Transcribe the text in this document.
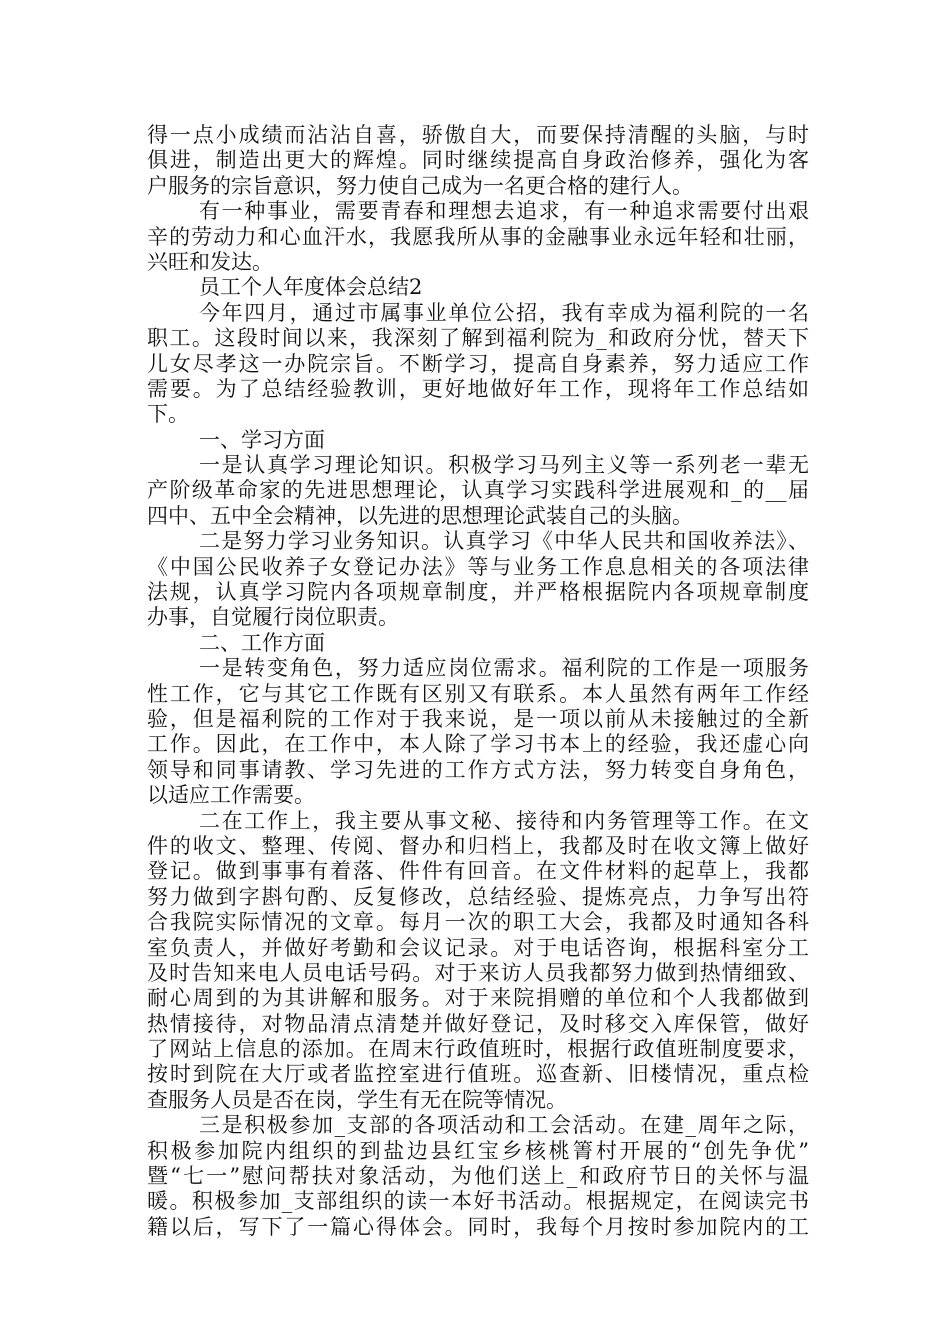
得一点小成绩而沾沾自喜，骄傲自大，而要保持清醒的头脑，与时
俱进，制造出更大的辉煌。同时继续提高自身政治修养，强化为客
户服务的宗旨意识，努力使自己成为一名更合格的建行人。
有一种事业，需要青春和理想去追求，有一种追求需要付出艰
辛的劳动力和心血汗水，我愿我所从事的金融事业永远年轻和壮丽，
兴旺和发达。
员工个人年度体会总结2
今年四月，通过市属事业单位公招，我有幸成为福利院的一名
职工。这段时间以来，我深刻了解到福利院为_和政府分忧，替天下
儿女尽孝这一办院宗旨。不断学习，提高自身素养，努力适应工作
需要。为了总结经验教训，更好地做好年工作，现将年工作总结如
下。
一、学习方面
一是认真学习理论知识。积极学习马列主义等一系列老一辈无
产阶级革命家的先进思想理论，认真学习实践科学进展观和_的__届
四中、五中全会精神，以先进的思想理论武装自己的头脑。
二是努力学习业务知识。认真学习《中华人民共和国收养法》、
《中国公民收养子女登记办法》等与业务工作息息相关的各项法律
法规，认真学习院内各项规章制度，并严格根据院内各项规章制度
办事，自觉履行岗位职责。
二、工作方面
一是转变角色，努力适应岗位需求。福利院的工作是一项服务
性工作，它与其它工作既有区别又有联系。本人虽然有两年工作经
验，但是福利院的工作对于我来说，是一项以前从未接触过的全新
工作。因此，在工作中，本人除了学习书本上的经验，我还虚心向
领导和同事请教、学习先进的工作方式方法，努力转变自身角色，
以适应工作需要。
二在工作上，我主要从事文秘、接待和内务管理等工作。在文
件的收文、整理、传阅、督办和归档上，我都及时在收文簿上做好
登记。做到事事有着落、件件有回音。在文件材料的起草上，我都
努力做到字斟句酌、反复修改，总结经验、提炼亮点，力争写出符
合我院实际情况的文章。每月一次的职工大会，我都及时通知各科
室负责人，并做好考勤和会议记录。对于电话咨询，根据科室分工
及时告知来电人员电话号码。对于来访人员我都努力做到热情细致、
耐心周到的为其讲解和服务。对于来院捐赠的单位和个人我都做到
热情接待，对物品清点清楚并做好登记，及时移交入库保管，做好
了网站上信息的添加。在周末行政值班时，根据行政值班制度要求，
按时到院在大厅或者监控室进行值班。巡查新、旧楼情况，重点检
查服务人员是否在岗，学生有无在院等情况。
三是积极参加_支部的各项活动和工会活动。在建_周年之际，
积极参加院内组织的到盐边县红宝乡核桃箐村开展的“创先争优”
暨“七一”慰问帮扶对象活动，为他们送上_和政府节日的关怀与温
暖。积极参加_支部组织的读一本好书活动。根据规定，在阅读完书
籍以后，写下了一篇心得体会。同时，我每个月按时参加院内的工
